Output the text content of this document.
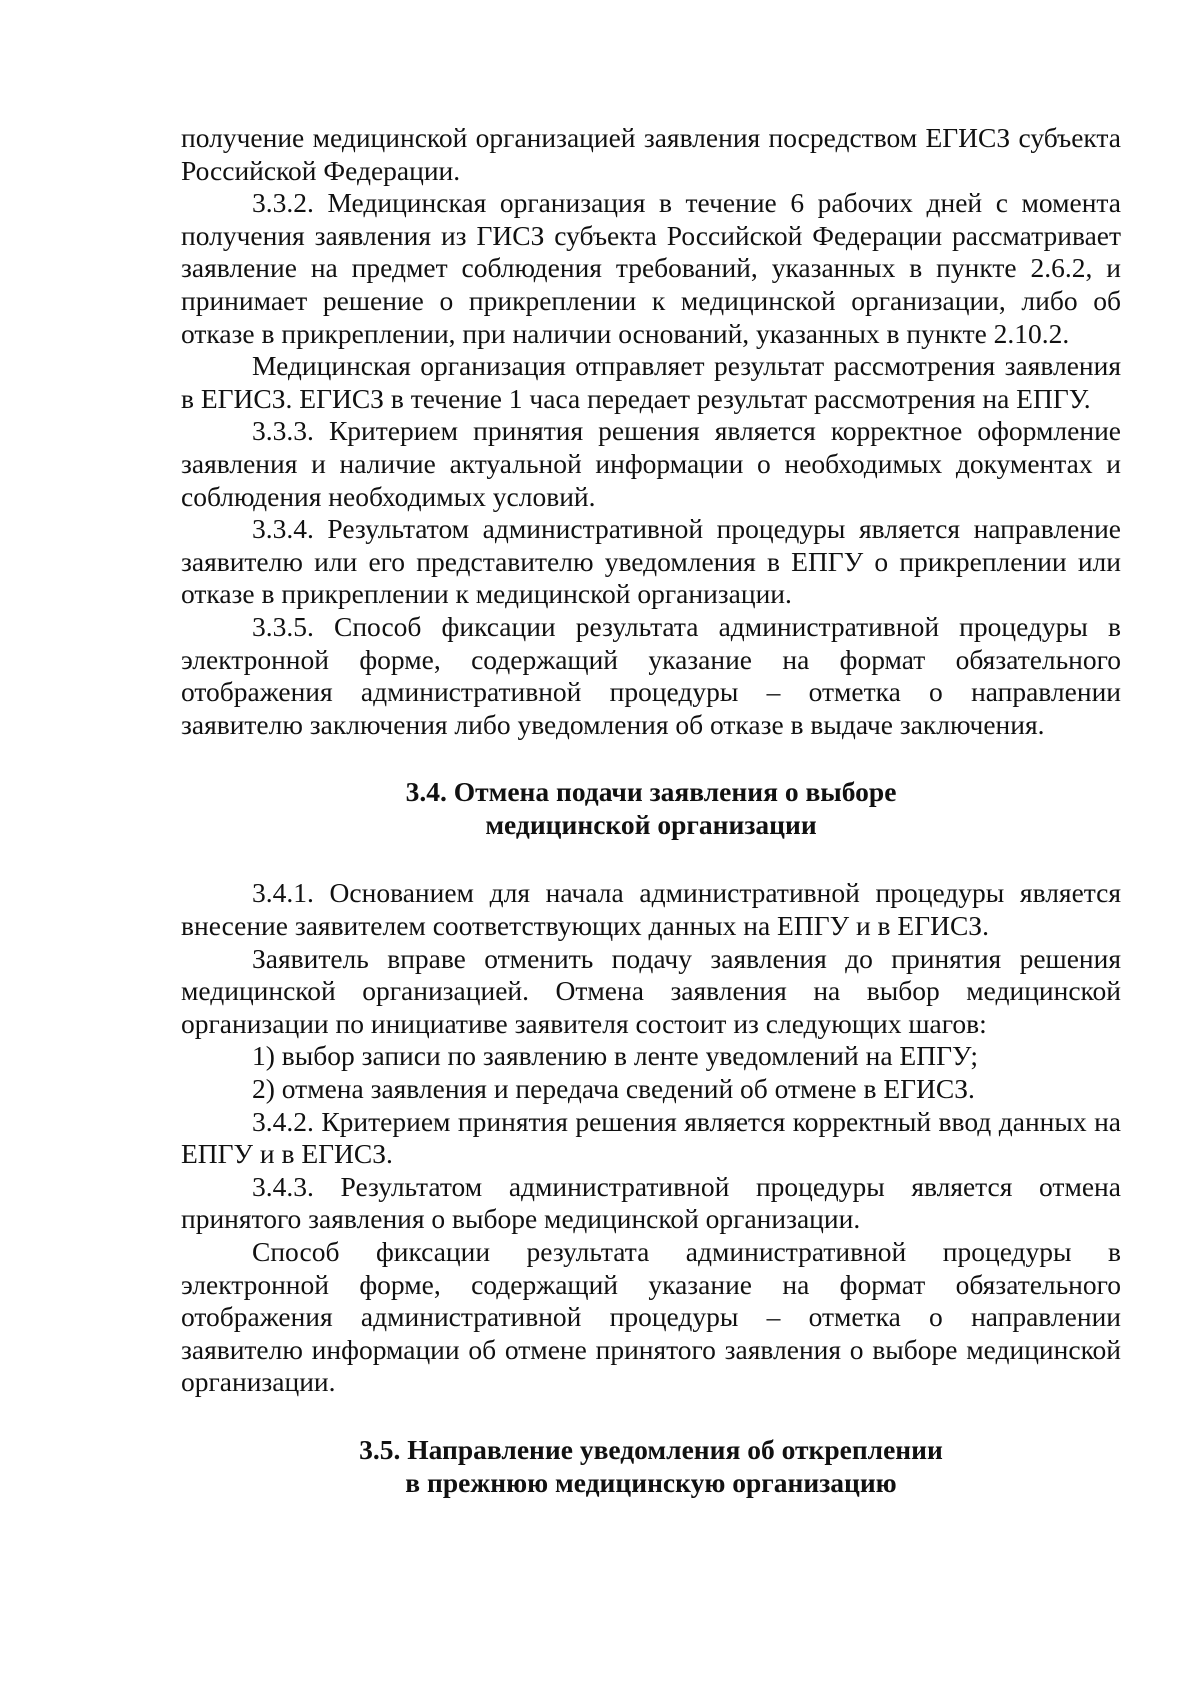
получение медицинской организацией заявления посредством ЕГИСЗ субъекта Российской Федерации.

3.3.2. Медицинская организация в течение 6 рабочих дней с момента получения заявления из ГИСЗ субъекта Российской Федерации рассматривает заявление на предмет соблюдения требований, указанных в пункте 2.6.2, и принимает решение о прикреплении к медицинской организации, либо об отказе в прикреплении, при наличии оснований, указанных в пункте 2.10.2.

Медицинская организация отправляет результат рассмотрения заявления в ЕГИСЗ. ЕГИСЗ в течение 1 часа передает результат рассмотрения на ЕПГУ.

3.3.3. Критерием принятия решения является корректное оформление заявления и наличие актуальной информации о необходимых документах и соблюдения необходимых условий.

3.3.4. Результатом административной процедуры является направление заявителю или его представителю уведомления в ЕПГУ о прикреплении или отказе в прикреплении к медицинской организации.

3.3.5. Способ фиксации результата административной процедуры в электронной форме, содержащий указание на формат обязательного отображения административной процедуры – отметка о направлении заявителю заключения либо уведомления об отказе в выдаче заключения.

3.4. Отмена подачи заявления о выборе
медицинской организации

3.4.1. Основанием для начала административной процедуры является внесение заявителем соответствующих данных на ЕПГУ и в ЕГИСЗ.

Заявитель вправе отменить подачу заявления до принятия решения медицинской организацией. Отмена заявления на выбор медицинской организации по инициативе заявителя состоит из следующих шагов:

1) выбор записи по заявлению в ленте уведомлений на ЕПГУ;

2) отмена заявления и передача сведений об отмене в ЕГИСЗ.

3.4.2. Критерием принятия решения является корректный ввод данных на ЕПГУ и в ЕГИСЗ.

3.4.3. Результатом административной процедуры является отмена принятого заявления о выборе медицинской организации.

Способ фиксации результата административной процедуры в электронной форме, содержащий указание на формат обязательного отображения административной процедуры – отметка о направлении заявителю информации об отмене принятого заявления о выборе медицинской организации.

3.5. Направление уведомления об откреплении
в прежнюю медицинскую организацию
